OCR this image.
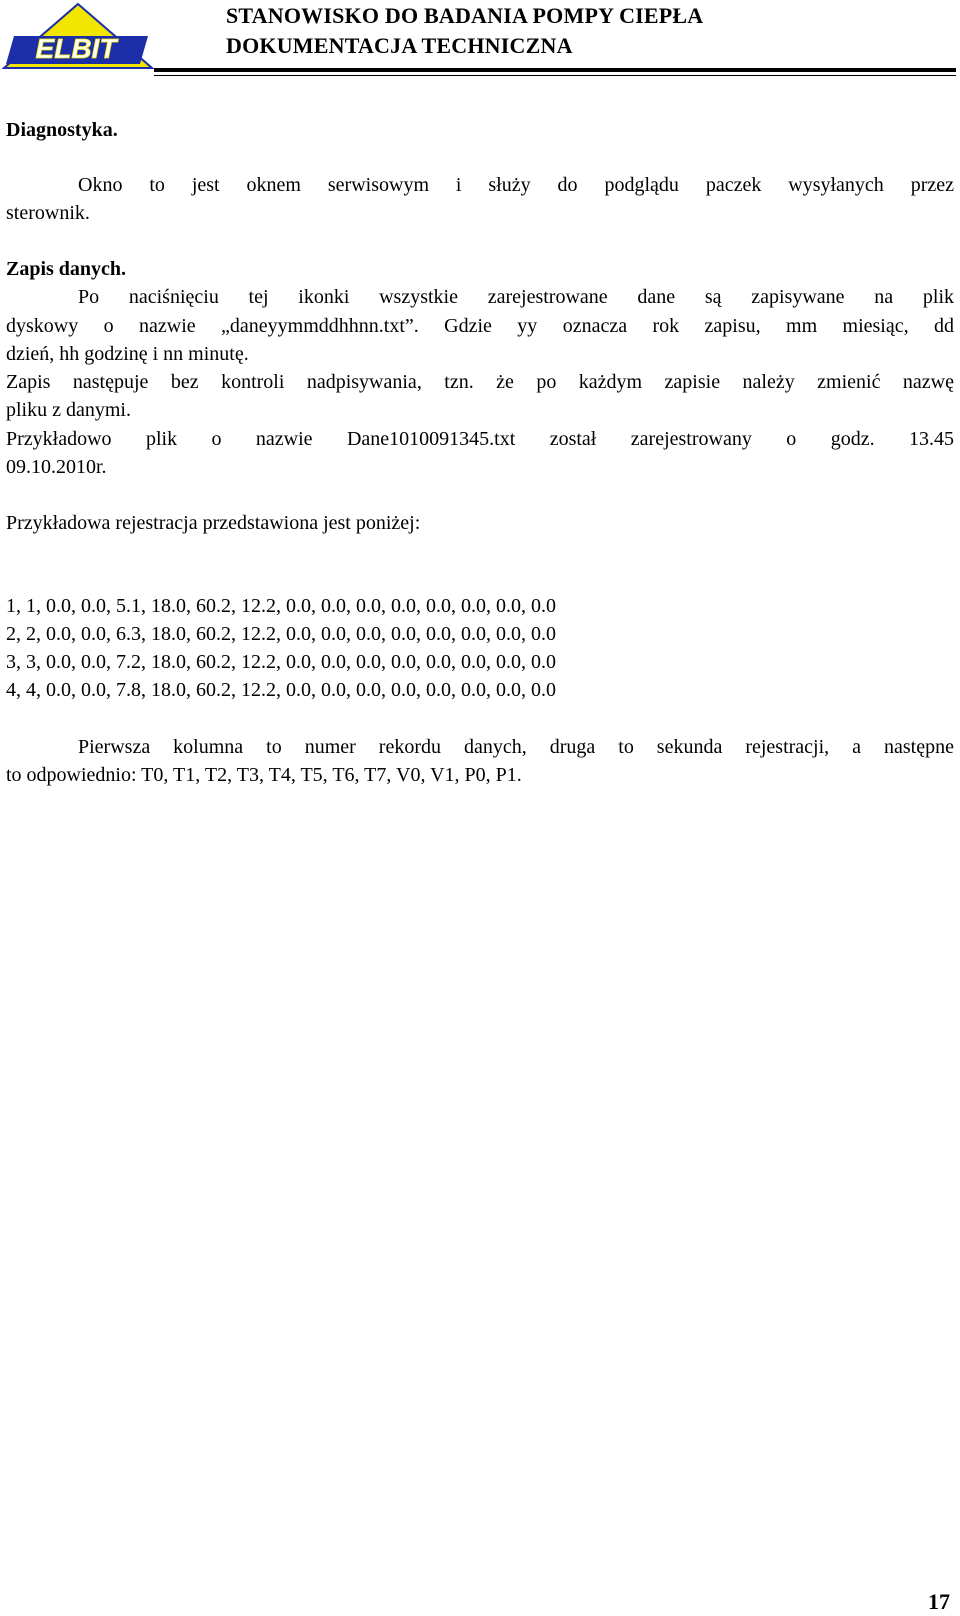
ELBIT
STANOWISKO DO BADANIA POMPY CIEPŁA
DOKUMENTACJA TECHNICZNA
Diagnostyka.
Okno to jest oknem serwisowym i służy do podglądu paczek wysyłanych przez
sterownik.
Zapis danych.
Po naciśnięciu tej ikonki wszystkie zarejestrowane dane są zapisywane na plik
dyskowy o nazwie „daneyymmddhhnn.txt”. Gdzie yy oznacza rok zapisu, mm miesiąc, dd
dzień, hh godzinę i nn minutę.
Zapis następuje bez kontroli nadpisywania, tzn. że po każdym zapisie należy zmienić nazwę
pliku z danymi.
Przykładowo plik o nazwie Dane1010091345.txt został zarejestrowany o godz. 13.45
09.10.2010r.
Przykładowa rejestracja przedstawiona jest poniżej:
1, 1, 0.0, 0.0, 5.1, 18.0, 60.2, 12.2, 0.0, 0.0, 0.0, 0.0, 0.0, 0.0, 0.0, 0.0
2, 2, 0.0, 0.0, 6.3, 18.0, 60.2, 12.2, 0.0, 0.0, 0.0, 0.0, 0.0, 0.0, 0.0, 0.0
3, 3, 0.0, 0.0, 7.2, 18.0, 60.2, 12.2, 0.0, 0.0, 0.0, 0.0, 0.0, 0.0, 0.0, 0.0
4, 4, 0.0, 0.0, 7.8, 18.0, 60.2, 12.2, 0.0, 0.0, 0.0, 0.0, 0.0, 0.0, 0.0, 0.0
Pierwsza kolumna to numer rekordu danych, druga to sekunda rejestracji, a następne
to odpowiednio: T0, T1, T2, T3, T4, T5, T6, T7, V0, V1, P0, P1.
17
